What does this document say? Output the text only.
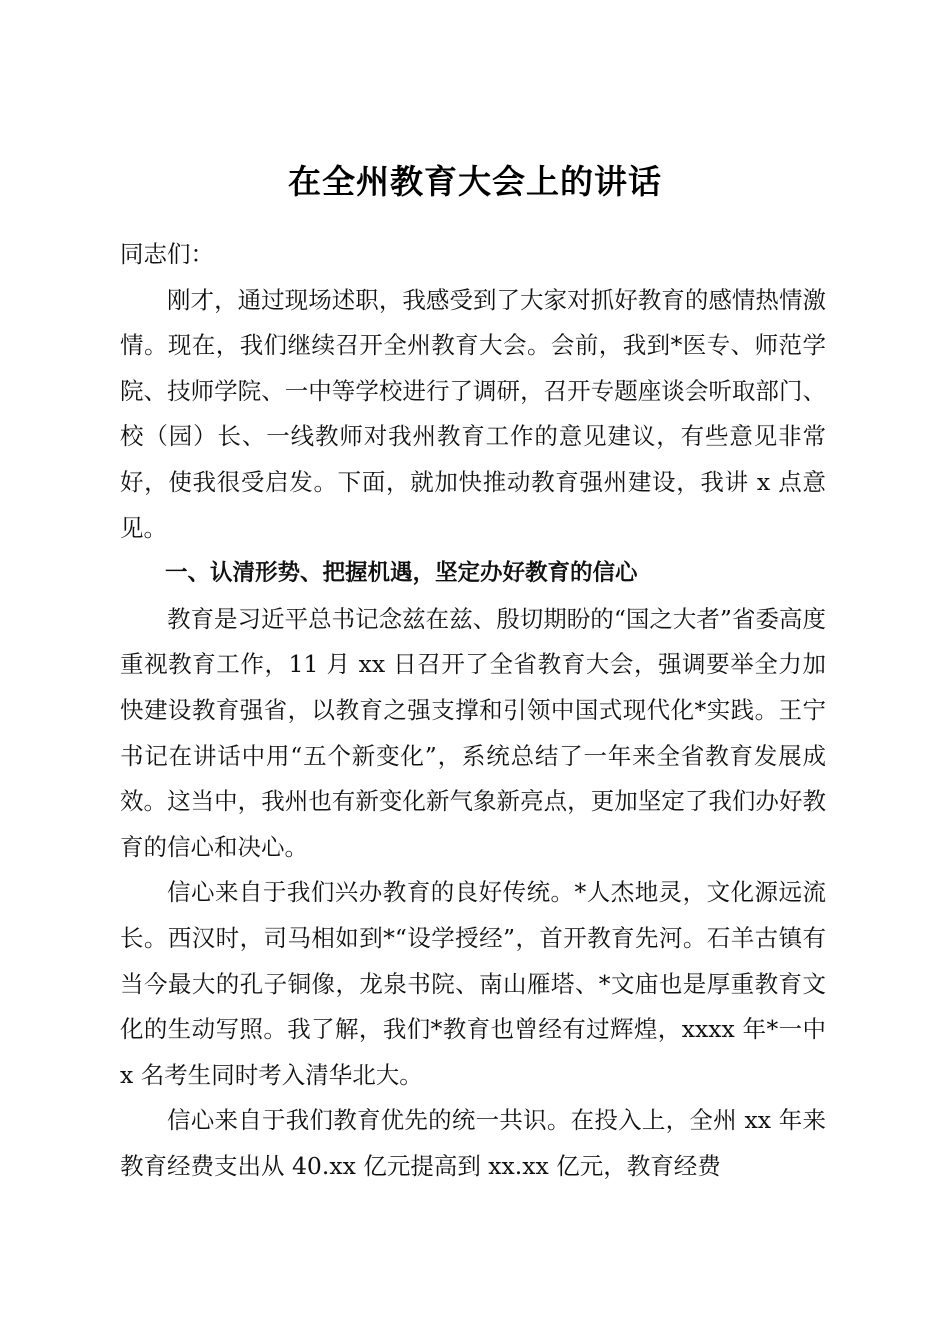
在全州教育大会上的讲话

同志们：

刚才，通过现场述职，我感受到了大家对抓好教育的感情热情激情。现在，我们继续召开全州教育大会。会前，我到*医专、师范学院、技师学院、一中等学校进行了调研，召开专题座谈会听取部门、校（园）长、一线教师对我州教育工作的意见建议，有些意见非常好，使我很受启发。下面，就加快推动教育强州建设，我讲 x 点意见。

一、认清形势、把握机遇，坚定办好教育的信心

教育是习近平总书记念兹在兹、殷切期盼的“国之大者”省委高度重视教育工作，11 月 xx 日召开了全省教育大会，强调要举全力加快建设教育强省，以教育之强支撑和引领中国式现代化*实践。王宁书记在讲话中用“五个新变化”，系统总结了一年来全省教育发展成效。这当中，我州也有新变化新气象新亮点，更加坚定了我们办好教育的信心和决心。

信心来自于我们兴办教育的良好传统。*人杰地灵，文化源远流长。西汉时，司马相如到*“设学授经”，首开教育先河。石羊古镇有当今最大的孔子铜像，龙泉书院、南山雁塔、*文庙也是厚重教育文化的生动写照。我了解，我们*教育也曾经有过辉煌，xxxx 年*一中 x 名考生同时考入清华北大。

信心来自于我们教育优先的统一共识。在投入上，全州 xx 年来教育经费支出从 40.xx 亿元提高到 xx.xx 亿元，教育经费
